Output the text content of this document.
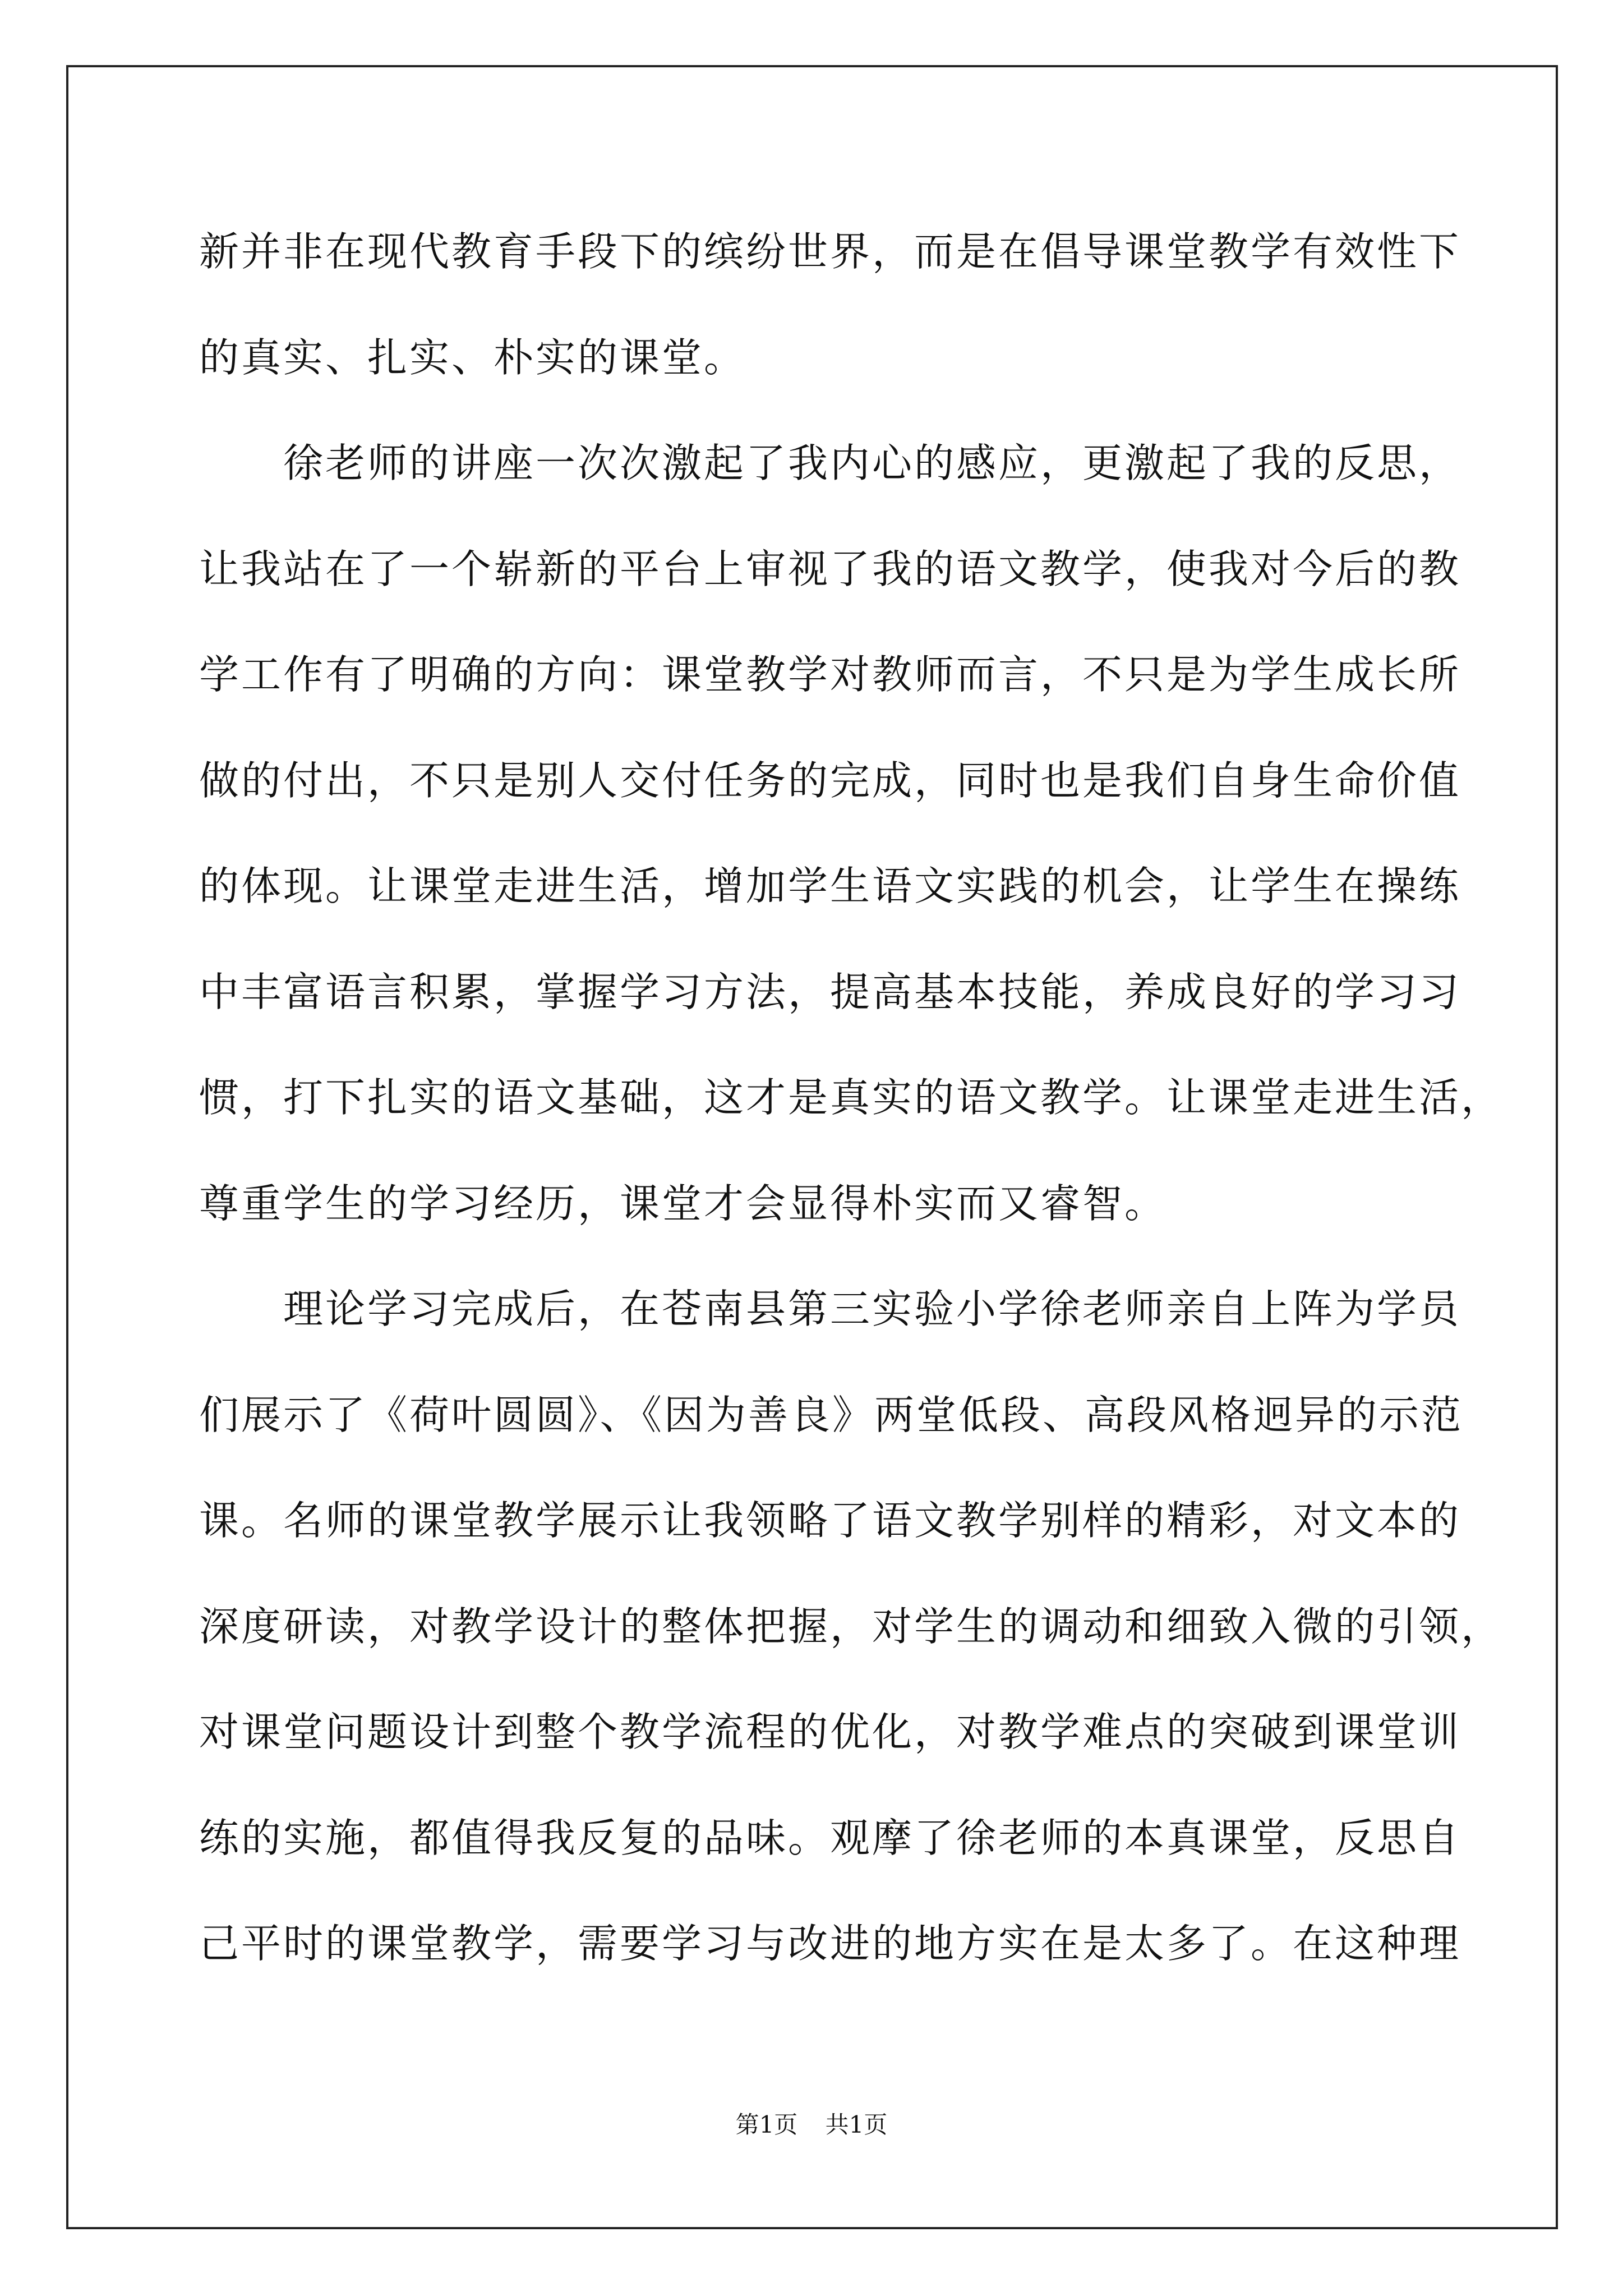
新并非在现代教育手段下的缤纷世界，而是在倡导课堂教学有效性下
的真实、扎实、朴实的课堂。
　　徐老师的讲座一次次激起了我内心的感应，更激起了我的反思，
让我站在了一个崭新的平台上审视了我的语文教学，使我对今后的教
学工作有了明确的方向：课堂教学对教师而言，不只是为学生成长所
做的付出，不只是别人交付任务的完成，同时也是我们自身生命价值
的体现。让课堂走进生活，增加学生语文实践的机会，让学生在操练
中丰富语言积累，掌握学习方法，提高基本技能，养成良好的学习习
惯，打下扎实的语文基础，这才是真实的语文教学。让课堂走进生活，
尊重学生的学习经历，课堂才会显得朴实而又睿智。
　　理论学习完成后，在苍南县第三实验小学徐老师亲自上阵为学员
们展示了《荷叶圆圆》、《因为善良》两堂低段、高段风格迥异的示范
课。名师的课堂教学展示让我领略了语文教学别样的精彩，对文本的
深度研读，对教学设计的整体把握，对学生的调动和细致入微的引领，
对课堂问题设计到整个教学流程的优化，对教学难点的突破到课堂训
练的实施，都值得我反复的品味。观摩了徐老师的本真课堂，反思自
己平时的课堂教学，需要学习与改进的地方实在是太多了。在这种理
第1页 共1页
